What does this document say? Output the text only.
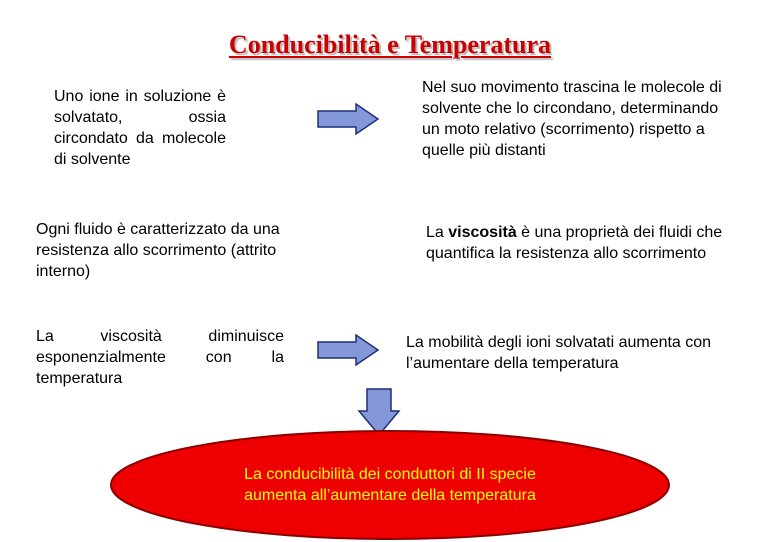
Conducibilità e Temperatura
Uno ione in soluzione è solvatato, ossia circondato da molecole di solvente
Nel suo movimento trascina le molecole di solvente che lo circondano, determinando un moto relativo (scorrimento) rispetto a quelle più distanti
Ogni fluido è caratterizzato da una resistenza allo scorrimento (attrito interno)
La viscosità è una proprietà dei fluidi che quantifica la resistenza allo scorrimento
La viscosità diminuisce esponenzialmente con la temperatura
La mobilità degli ioni solvatati aumenta con l’aumentare della temperatura
La conducibilità dei conduttori di II specie
aumenta all’aumentare della temperatura
